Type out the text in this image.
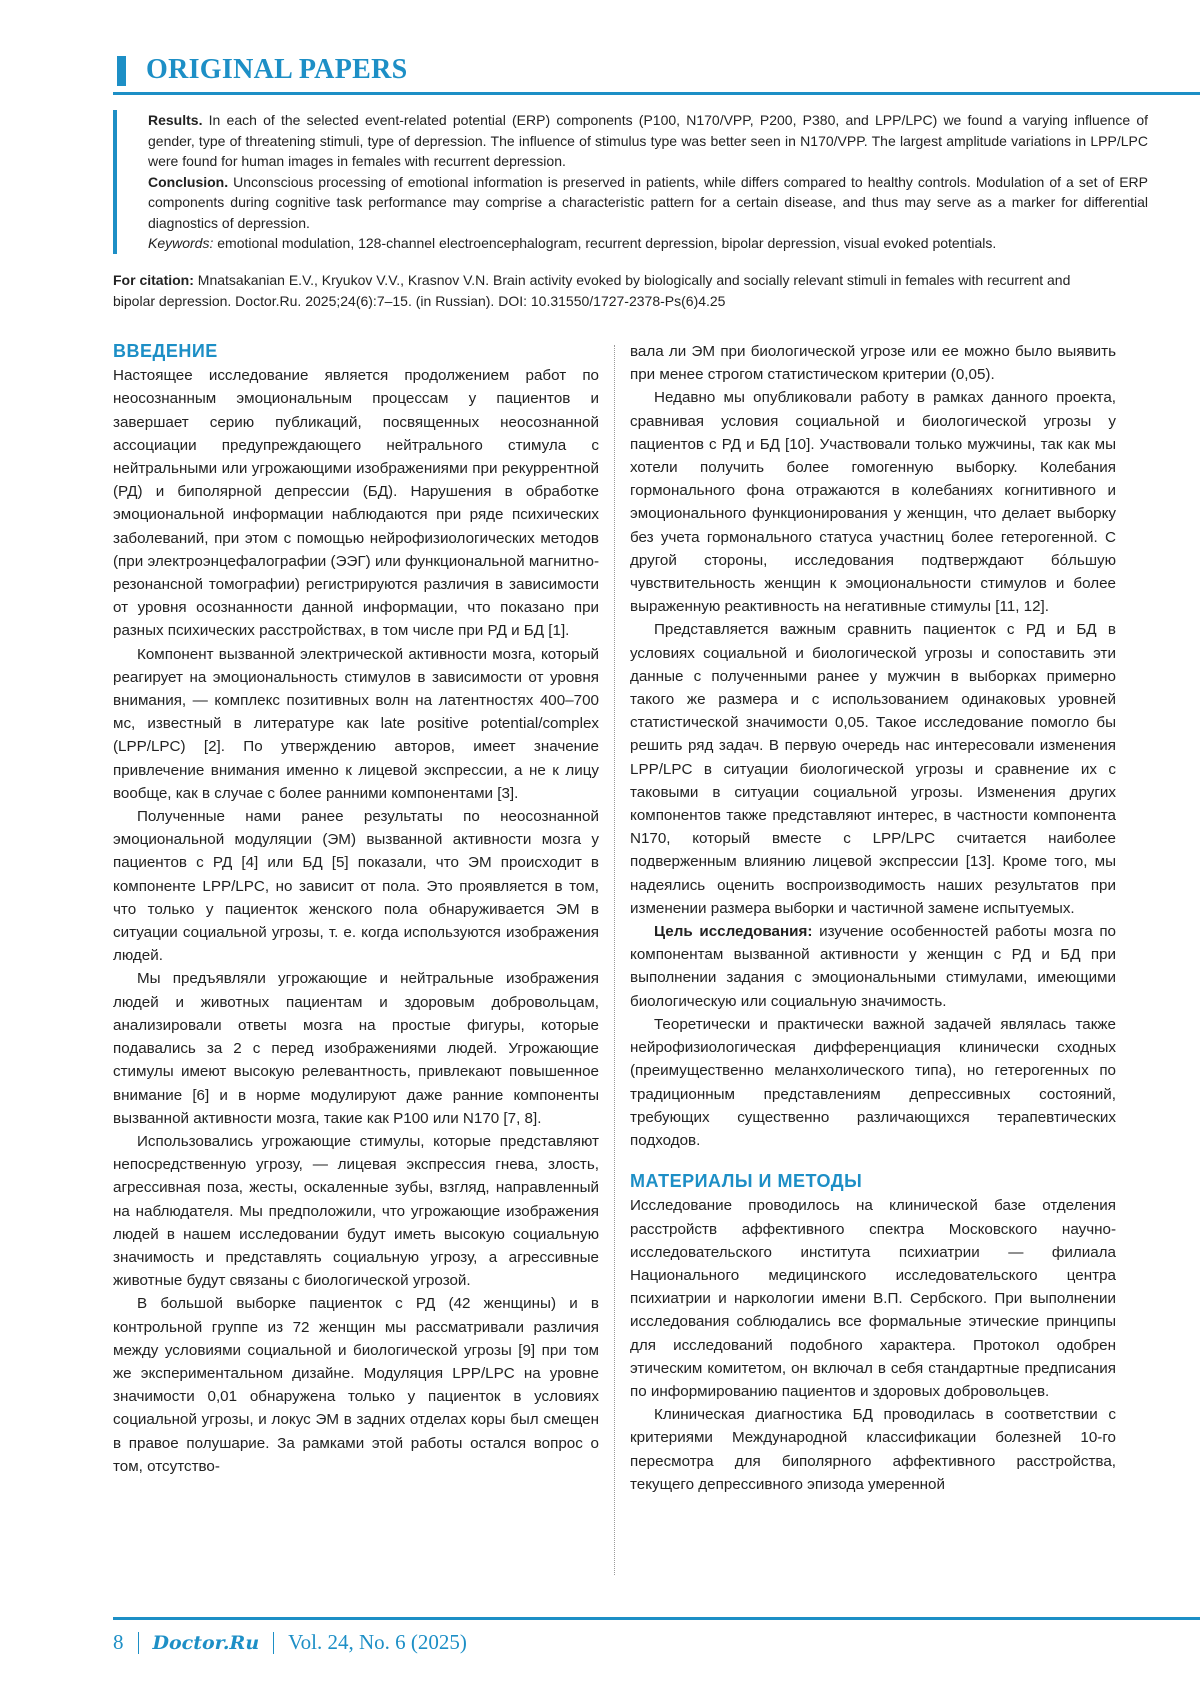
ORIGINAL PAPERS

Results. In each of the selected event-related potential (ERP) components (P100, N170/VPP, P200, P380, and LPP/LPC) we found a varying influence of gender, type of threatening stimuli, type of depression. The influence of stimulus type was better seen in N170/VPP. The largest amplitude variations in LPP/LPC were found for human images in females with recurrent depression.

Conclusion. Unconscious processing of emotional information is preserved in patients, while differs compared to healthy controls. Modulation of a set of ERP components during cognitive task performance may comprise a characteristic pattern for a certain disease, and thus may serve as a marker for differential diagnostics of depression.

Keywords: emotional modulation, 128-channel electroencephalogram, recurrent depression, bipolar depression, visual evoked potentials.

For citation: Mnatsakanian E.V., Kryukov V.V., Krasnov V.N. Brain activity evoked by biologically and socially relevant stimuli in females with recurrent and bipolar depression. Doctor.Ru. 2025;24(6):7–15. (in Russian). DOI: 10.31550/1727-2378-Ps(6)4.25
ВВЕДЕНИЕ

Настоящее исследование является продолжением работ по неосознанным эмоциональным процессам у пациентов и завершает серию публикаций, посвященных неосознанной ассоциации предупреждающего нейтрального стимула с нейтральными или угрожающими изображениями при рекуррентной (РД) и биполярной депрессии (БД). Нарушения в обработке эмоциональной информации наблюдаются при ряде психических заболеваний, при этом с помощью нейрофизиологических методов (при электроэнцефалографии (ЭЭГ) или функциональной магнитно-резонансной томографии) регистрируются различия в зависимости от уровня осознанности данной информации, что показано при разных психических расстройствах, в том числе при РД и БД [1].

Компонент вызванной электрической активности мозга, который реагирует на эмоциональность стимулов в зависимости от уровня внимания, — комплекс позитивных волн на латентностях 400–700 мс, известный в литературе как late positive potential/complex (LPP/LPC) [2]. По утверждению авторов, имеет значение привлечение внимания именно к лицевой экспрессии, а не к лицу вообще, как в случае с более ранними компонентами [3].

Полученные нами ранее результаты по неосознанной эмоциональной модуляции (ЭМ) вызванной активности мозга у пациентов с РД [4] или БД [5] показали, что ЭМ происходит в компоненте LPP/LPC, но зависит от пола. Это проявляется в том, что только у пациенток женского пола обнаруживается ЭМ в ситуации социальной угрозы, т. е. когда используются изображения людей.

Мы предъявляли угрожающие и нейтральные изображения людей и животных пациентам и здоровым добровольцам, анализировали ответы мозга на простые фигуры, которые подавались за 2 с перед изображениями людей. Угрожающие стимулы имеют высокую релевантность, привлекают повышенное внимание [6] и в норме модулируют даже ранние компоненты вызванной активности мозга, такие как P100 или N170 [7, 8].

Использовались угрожающие стимулы, которые представляют непосредственную угрозу, — лицевая экспрессия гнева, злость, агрессивная поза, жесты, оскаленные зубы, взгляд, направленный на наблюдателя. Мы предположили, что угрожающие изображения людей в нашем исследовании будут иметь высокую социальную значимость и представлять социальную угрозу, а агрессивные животные будут связаны с биологической угрозой.

В большой выборке пациенток с РД (42 женщины) и в контрольной группе из 72 женщин мы рассматривали различия между условиями социальной и биологической угрозы [9] при том же экспериментальном дизайне. Модуляция LPP/LPC на уровне значимости 0,01 обнаружена только у пациенток в условиях социальной угрозы, и локус ЭМ в задних отделах коры был смещен в правое полушарие. За рамками этой работы остался вопрос о том, отсутство-

вала ли ЭМ при биологической угрозе или ее можно было выявить при менее строгом статистическом критерии (0,05).

Недавно мы опубликовали работу в рамках данного проекта, сравнивая условия социальной и биологической угрозы у пациентов с РД и БД [10]. Участвовали только мужчины, так как мы хотели получить более гомогенную выборку. Колебания гормонального фона отражаются в колебаниях когнитивного и эмоционального функционирования у женщин, что делает выборку без учета гормонального статуса участниц более гетерогенной. С другой стороны, исследования подтверждают бóльшую чувствительность женщин к эмоциональности стимулов и более выраженную реактивность на негативные стимулы [11, 12].

Представляется важным сравнить пациенток с РД и БД в условиях социальной и биологической угрозы и сопоставить эти данные с полученными ранее у мужчин в выборках примерно такого же размера и с использованием одинаковых уровней статистической значимости 0,05. Такое исследование помогло бы решить ряд задач. В первую очередь нас интересовали изменения LPP/LPC в ситуации биологической угрозы и сравнение их с таковыми в ситуации социальной угрозы. Изменения других компонентов также представляют интерес, в частности компонента N170, который вместе с LPP/LPC считается наиболее подверженным влиянию лицевой экспрессии [13]. Кроме того, мы надеялись оценить воспроизводимость наших результатов при изменении размера выборки и частичной замене испытуемых.

Цель исследования: изучение особенностей работы мозга по компонентам вызванной активности у женщин с РД и БД при выполнении задания с эмоциональными стимулами, имеющими биологическую или социальную значимость.

Теоретически и практически важной задачей являлась также нейрофизиологическая дифференциация клинически сходных (преимущественно меланхолического типа), но гетерогенных по традиционным представлениям депрессивных состояний, требующих существенно различающихся терапевтических подходов.

МАТЕРИАЛЫ И МЕТОДЫ

Исследование проводилось на клинической базе отделения расстройств аффективного спектра Московского научно-исследовательского института психиатрии — филиала Национального медицинского исследовательского центра психиатрии и наркологии имени В.П. Сербского. При выполнении исследования соблюдались все формальные этические принципы для исследований подобного характера. Протокол одобрен этическим комитетом, он включал в себя стандартные предписания по информированию пациентов и здоровых добровольцев.

Клиническая диагностика БД проводилась в соответствии с критериями Международной классификации болезней 10-го пересмотра для биполярного аффективного расстройства, текущего депрессивного эпизода умеренной

8 Doctor.Ru Vol. 24, No. 6 (2025)
